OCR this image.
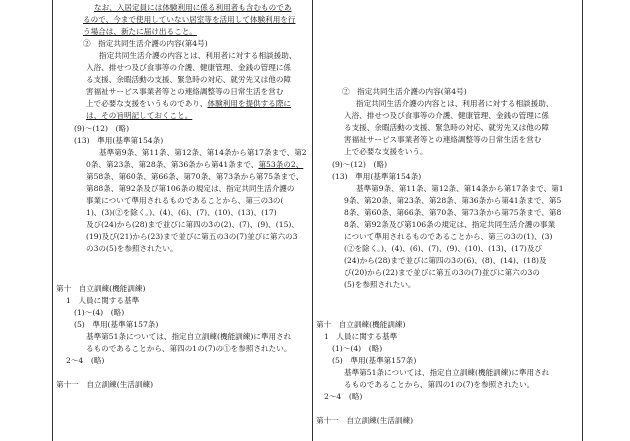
なお、入居定員には体験利用に係る利用者も含むものであ
るので、今まで使用していない居室等を活用して体験利用を行
う場合は、新たに届け出ること。
②　指定共同生活介護の内容(第4号)
指定共同生活介護の内容とは、利用者に対する相談援助、
入浴、排せつ及び食事等の介護、健康管理、金銭の管理に係
る支援、余暇活動の支援、緊急時の対応、就労先又は他の障
害福祉サービス事業者等との連絡調整等の日常生活を営む
上で必要な支援をいうものであり、体験利用を提供する際に
は、その旨明記しておくこと。
(9)〜(12)　(略)
(13)　準用(基準第154条)
基準第9条、第11条、第12条、第14条から第17条まで、第2
0条、第23条、第28条、第36条から第41条まで、第53条の2、
第58条、第60条、第66条、第70条、第73条から第75条まで、
第88条、第92条及び第106条の規定は、指定共同生活介護の
事業について準用されるものであることから、第三の3の(
1)、(3)(②を除く。)、(4)、(6)、(7)、(10)、(13)、(17)
及び(24)から(28)まで並びに第四の3の(2)、(7)、(9)、(15)、
(19)及び(21)から(23)まで並びに第五の3の(7)並びに第六の3
の3の(5)を参照されたい。
第十　自立訓練(機能訓練)
1　人員に関する基準
(1)〜(4)　(略)
(5)　準用(基準第157条)
基準第51条については、指定自立訓練(機能訓練)に準用され
るものであることから、第四の1の(7)の①を参照されたい。
2〜4　(略)
第十一　自立訓練(生活訓練)
②　指定共同生活介護の内容(第4号)
指定共同生活介護の内容とは、利用者に対する相談援助、
入浴、排せつ及び食事等の介護、健康管理、金銭の管理に係
る支援、余暇活動の支援、緊急時の対応、就労先又は他の障
害福祉サービス事業者等との連絡調整等の日常生活を営む
上で必要な支援をいう。
(9)〜(12)　(略)
(13)　準用(基準第154条)
基準第9条、第11条、第12条、第14条から第17条まで、第1
9条、第20条、第23条、第28条、第36条から第41条まで、第5
8条、第60条、第66条、第70条、第73条から第75条まで、第8
8条、第92条及び第106条の規定は、指定共同生活介護の事業
について準用されるものであることから、第三の3の(1)、(3)
(②を除く。)、(4)、(6)、(7)、(9)、(10)、(13)、(17)及び
(24)から(28)まで並びに第四の3の(6)、(8)、(14)、(18)及
び(20)から(22)まで並びに第五の3の(7)並びに第六の3の
(5)を参照されたい。
第十　自立訓練(機能訓練)
1　人員に関する基準
(1)〜(4)　(略)
(5)　準用(基準第157条)
基準第51条については、指定自立訓練(機能訓練)に準用され
るものであることから、第四の1の(7)を参照されたい。
2〜4　(略)
第十一　自立訓練(生活訓練)
